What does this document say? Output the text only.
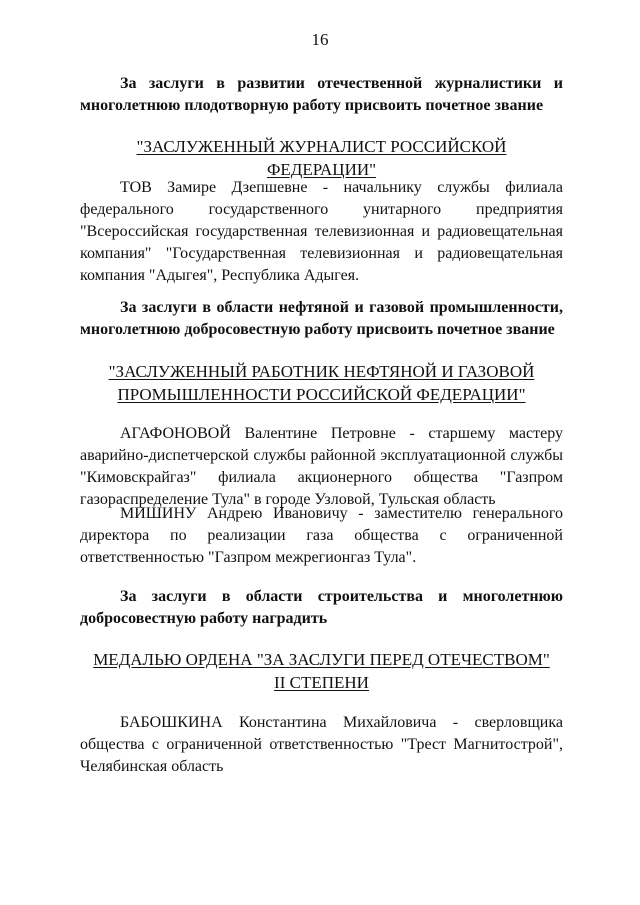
16
За заслуги в развитии отечественной журналистики и многолетнюю плодотворную работу присвоить почетное звание
"ЗАСЛУЖЕННЫЙ ЖУРНАЛИСТ РОССИЙСКОЙ ФЕДЕРАЦИИ"
ТОВ Замире Дзепшевне - начальнику службы филиала федерального государственного унитарного предприятия "Всероссийская государственная телевизионная и радиовещательная компания" "Государственная телевизионная и радиовещательная компания "Адыгея", Республика Адыгея.
За заслуги в области нефтяной и газовой промышленности, многолетнюю добросовестную работу присвоить почетное звание
"ЗАСЛУЖЕННЫЙ РАБОТНИК НЕФТЯНОЙ И ГАЗОВОЙ
ПРОМЫШЛЕННОСТИ РОССИЙСКОЙ ФЕДЕРАЦИИ"
АГАФОНОВОЙ Валентине Петровне - старшему мастеру аварийно-диспетчерской службы районной эксплуатационной службы "Кимовскрайгаз" филиала акционерного общества "Газпром газораспределение Тула" в городе Узловой, Тульская область
МИШИНУ Андрею Ивановичу - заместителю генерального директора по реализации газа общества с ограниченной ответственностью "Газпром межрегионгаз Тула".
За заслуги в области строительства и многолетнюю добросовестную работу наградить
МЕДАЛЬЮ ОРДЕНА "ЗА ЗАСЛУГИ ПЕРЕД ОТЕЧЕСТВОМ"
II СТЕПЕНИ
БАБОШКИНА Константина Михайловича - сверловщика общества с ограниченной ответственностью "Трест Магнитострой", Челябинская область
